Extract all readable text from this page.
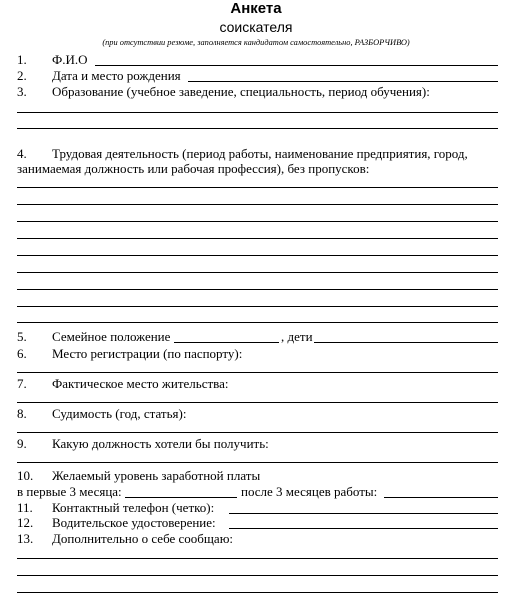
Анкета
соискателя
(при отсутствии резюме, заполняется кандидатом самостоятельно, РАЗБОРЧИВО)
1. Ф.И.О
2. Дата и место рождения
3. Образование (учебное заведение, специальность, период обучения):
4. Трудовая деятельность (период работы, наименование предприятия, город,
занимаемая должность или рабочая профессия), без пропусков:
5. Семейное положение	, дети
6. Место регистрации (по паспорту):
7. Фактическое место жительства:
8. Судимость (год, статья):
9. Какую должность хотели бы получить:
10. Желаемый уровень заработной платы
в первые 3 месяца:	после 3 месяцев работы:
11. Контактный телефон (четко):
12. Водительское удостоверение:
13. Дополнительно о себе сообщаю:
